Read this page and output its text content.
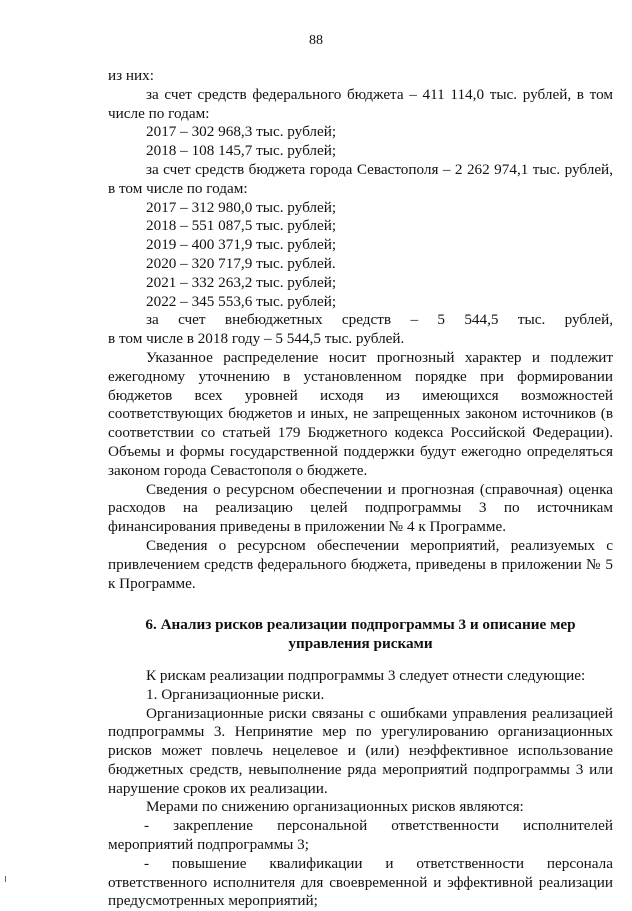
88

из них:

за счет средств федерального бюджета – 411 114,0 тыс. рублей, в том числе по годам:

2017 – 302 968,3 тыс. рублей;

2018 – 108 145,7 тыс. рублей;

за счет средств бюджета города Севастополя – 2 262 974,1 тыс. рублей, в том числе по годам:

2017 – 312 980,0 тыс. рублей;

2018 – 551 087,5 тыс. рублей;

2019 – 400 371,9 тыс. рублей;

2020 – 320 717,9 тыс. рублей.

2021 – 332 263,2 тыс. рублей;

2022 – 345 553,6 тыс. рублей;

за счет внебюджетных средств – 5 544,5 тыс. рублей,

в том числе в 2018 году – 5 544,5 тыс. рублей.

Указанное распределение носит прогнозный характер и подлежит ежегодному уточнению в установленном порядке при формировании бюджетов всех уровней исходя из имеющихся возможностей соответствующих бюджетов и иных, не запрещенных законом источников (в соответствии со статьей 179 Бюджетного кодекса Российской Федерации). Объемы и формы государственной поддержки будут ежегодно определяться законом города Севастополя о бюджете.

Сведения о ресурсном обеспечении и прогнозная (справочная) оценка расходов на реализацию целей подпрограммы 3 по источникам финансирования приведены в приложении № 4 к Программе.

Сведения о ресурсном обеспечении мероприятий, реализуемых с привлечением средств федерального бюджета, приведены в приложении № 5 к Программе.

6. Анализ рисков реализации подпрограммы 3 и описание мер управления рисками

К рискам реализации подпрограммы 3 следует отнести следующие:

1. Организационные риски.

Организационные риски связаны с ошибками управления реализацией подпрограммы 3. Непринятие мер по урегулированию организационных рисков может повлечь нецелевое и (или) неэффективное использование бюджетных средств, невыполнение ряда мероприятий подпрограммы 3 или нарушение сроков их реализации.

Мерами по снижению организационных рисков являются:

- закрепление персональной ответственности исполнителей мероприятий подпрограммы 3;

- повышение квалификации и ответственности персонала ответственного исполнителя для своевременной и эффективной реализации предусмотренных мероприятий;
